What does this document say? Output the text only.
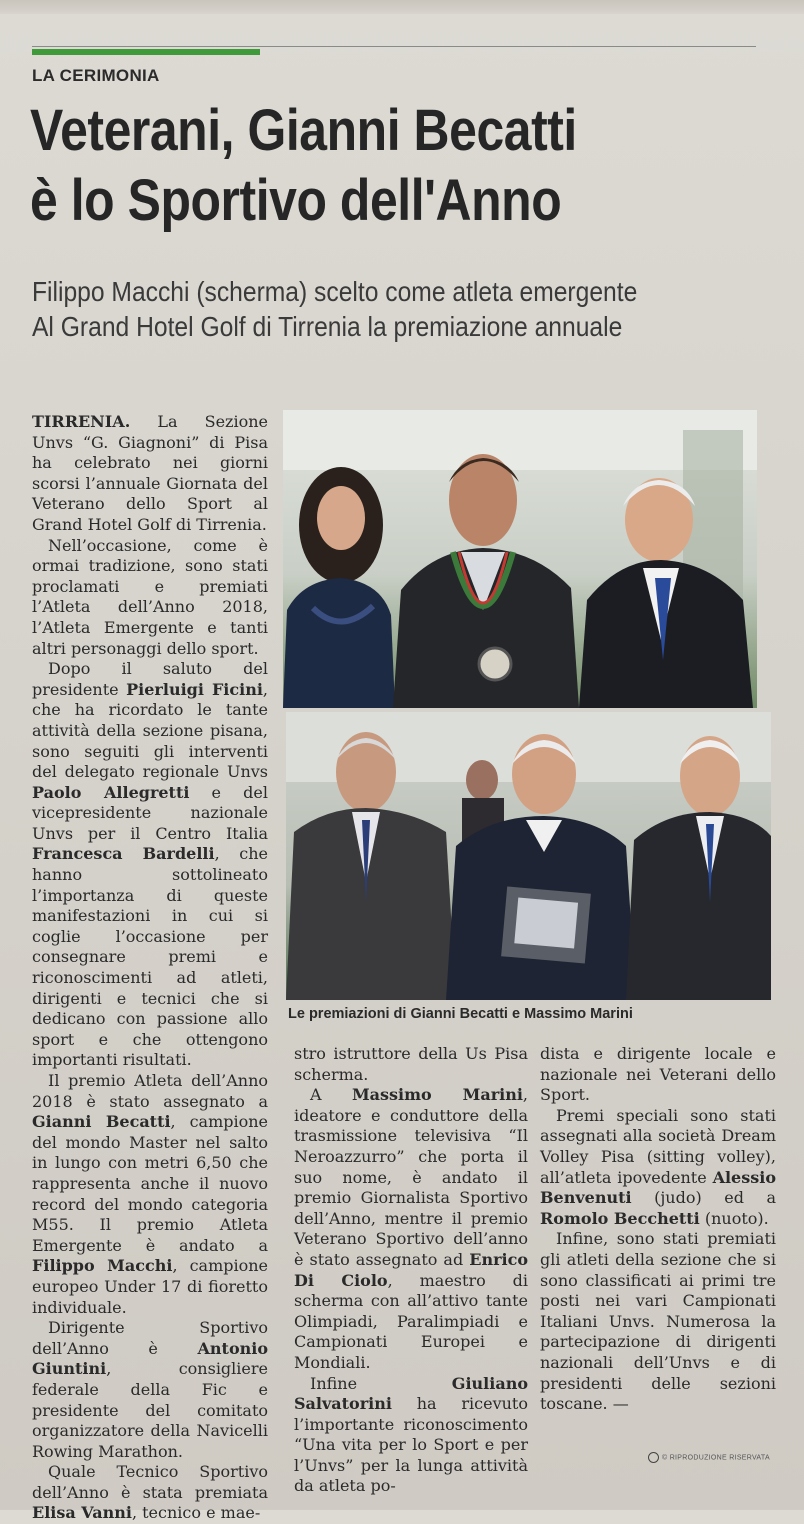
LA CERIMONIA
Veterani, Gianni Becatti
è lo Sportivo dell'Anno
Filippo Macchi (scherma) scelto come atleta emergente
Al Grand Hotel Golf di Tirrenia la premiazione annuale

TIRRENIA. La Sezione Unvs “G. Giagnoni” di Pisa ha celebrato nei giorni scorsi l’annuale Giornata del Veterano dello Sport al Grand Hotel Golf di Tirrenia.

Nell’occasione, come è ormai tradizione, sono stati proclamati e premiati l’Atleta dell’Anno 2018, l’Atleta Emergente e tanti altri personaggi dello sport.

Dopo il saluto del presidente Pierluigi Ficini, che ha ricordato le tante attività della sezione pisana, sono seguiti gli interventi del delegato regionale Unvs Paolo Allegretti e del vicepresidente nazionale Unvs per il Centro Italia Francesca Bardelli, che hanno sottolineato l’importanza di queste manifestazioni in cui si coglie l’occasione per consegnare premi e riconoscimenti ad atleti, dirigenti e tecnici che si dedicano con passione allo sport e che ottengono importanti risultati.

Il premio Atleta dell’Anno 2018 è stato assegnato a Gianni Becatti, campione del mondo Master nel salto in lungo con metri 6,50 che rappresenta anche il nuovo record del mondo categoria M55. Il premio Atleta Emergente è andato a Filippo Macchi, campione europeo Under 17 di fioretto individuale.

Dirigente Sportivo dell’Anno è Antonio Giuntini, consigliere federale della Fic e presidente del comitato organizzatore della Navicelli Rowing Marathon.

Quale Tecnico Sportivo dell’Anno è stata premiata Elisa Vanni, tecnico e mae-

Le premiazioni di Gianni Becatti e Massimo Marini

stro istruttore della Us Pisa scherma.

A Massimo Marini, ideatore e conduttore della trasmissione televisiva “Il Neroazzurro” che porta il suo nome, è andato il premio Giornalista Sportivo dell’Anno, mentre il premio Veterano Sportivo dell’anno è stato assegnato ad Enrico Di Ciolo, maestro di scherma con all’attivo tante Olimpiadi, Paralimpiadi e Campionati Europei e Mondiali.

Infine Giuliano Salvatorini ha ricevuto l’importante riconoscimento “Una vita per lo Sport e per l’Unvs” per la lunga attività da atleta po-

dista e dirigente locale e nazionale nei Veterani dello Sport.

Premi speciali sono stati assegnati alla società Dream Volley Pisa (sitting volley), all’atleta ipovedente Alessio Benvenuti (judo) ed a Romolo Becchetti (nuoto).

Infine, sono stati premiati gli atleti della sezione che si sono classificati ai primi tre posti nei vari Campionati Italiani Unvs. Numerosa la partecipazione di dirigenti nazionali dell’Unvs e di presidenti delle sezioni toscane. —

© RIPRODUZIONE RISERVATA
